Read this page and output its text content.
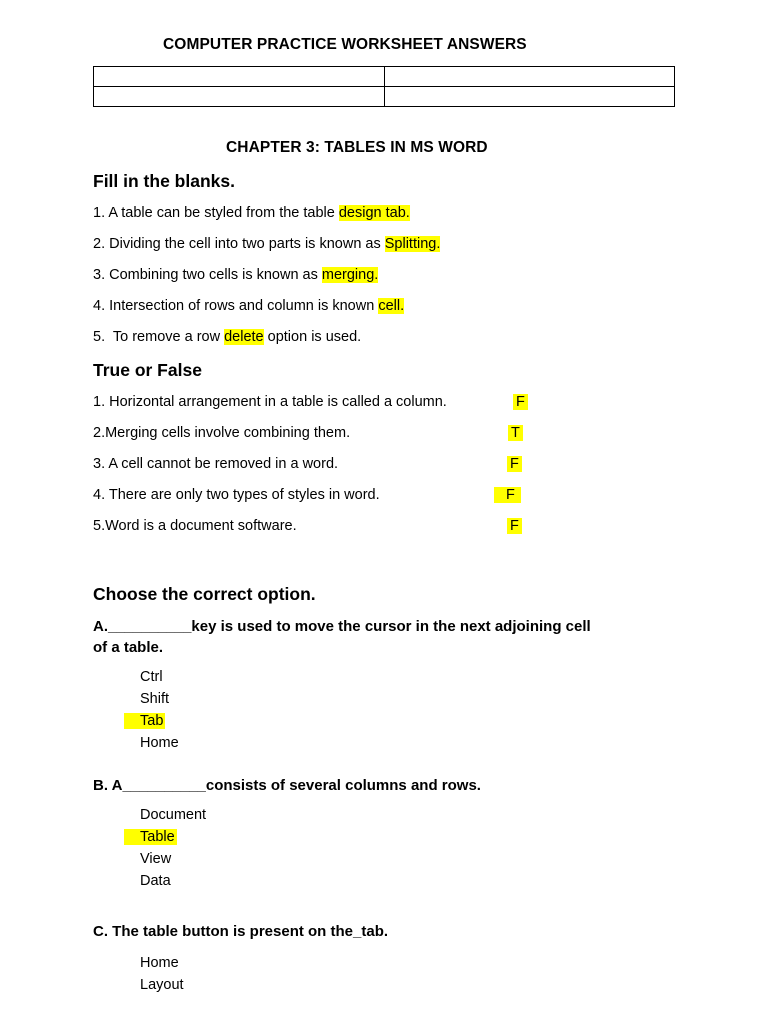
COMPUTER PRACTICE WORKSHEET ANSWERS

CHAPTER 3: TABLES IN MS WORD
Fill in the blanks.
1. A table can be styled from the table design tab.
2. Dividing the cell into two parts is known as Splitting.
3. Combining two cells is known as merging.
4. Intersection of rows and column is known cell.
5.  To remove a row delete option is used.
True or False
1. Horizontal arrangement in a table is called a column.	F
2.Merging cells involve combining them.	T
3. A cell cannot be removed in a word.	F
4. There are only two types of styles in word.	F
5.Word is a document software.	F
Choose the correct option.
A.__________key is used to move the cursor in the next adjoining cell
of a table.
Ctrl
Shift
Tab
Home
B. A__________consists of several columns and rows.
Document
Table
View
Data
C. The table button is present on the_tab.
Home
Layout
